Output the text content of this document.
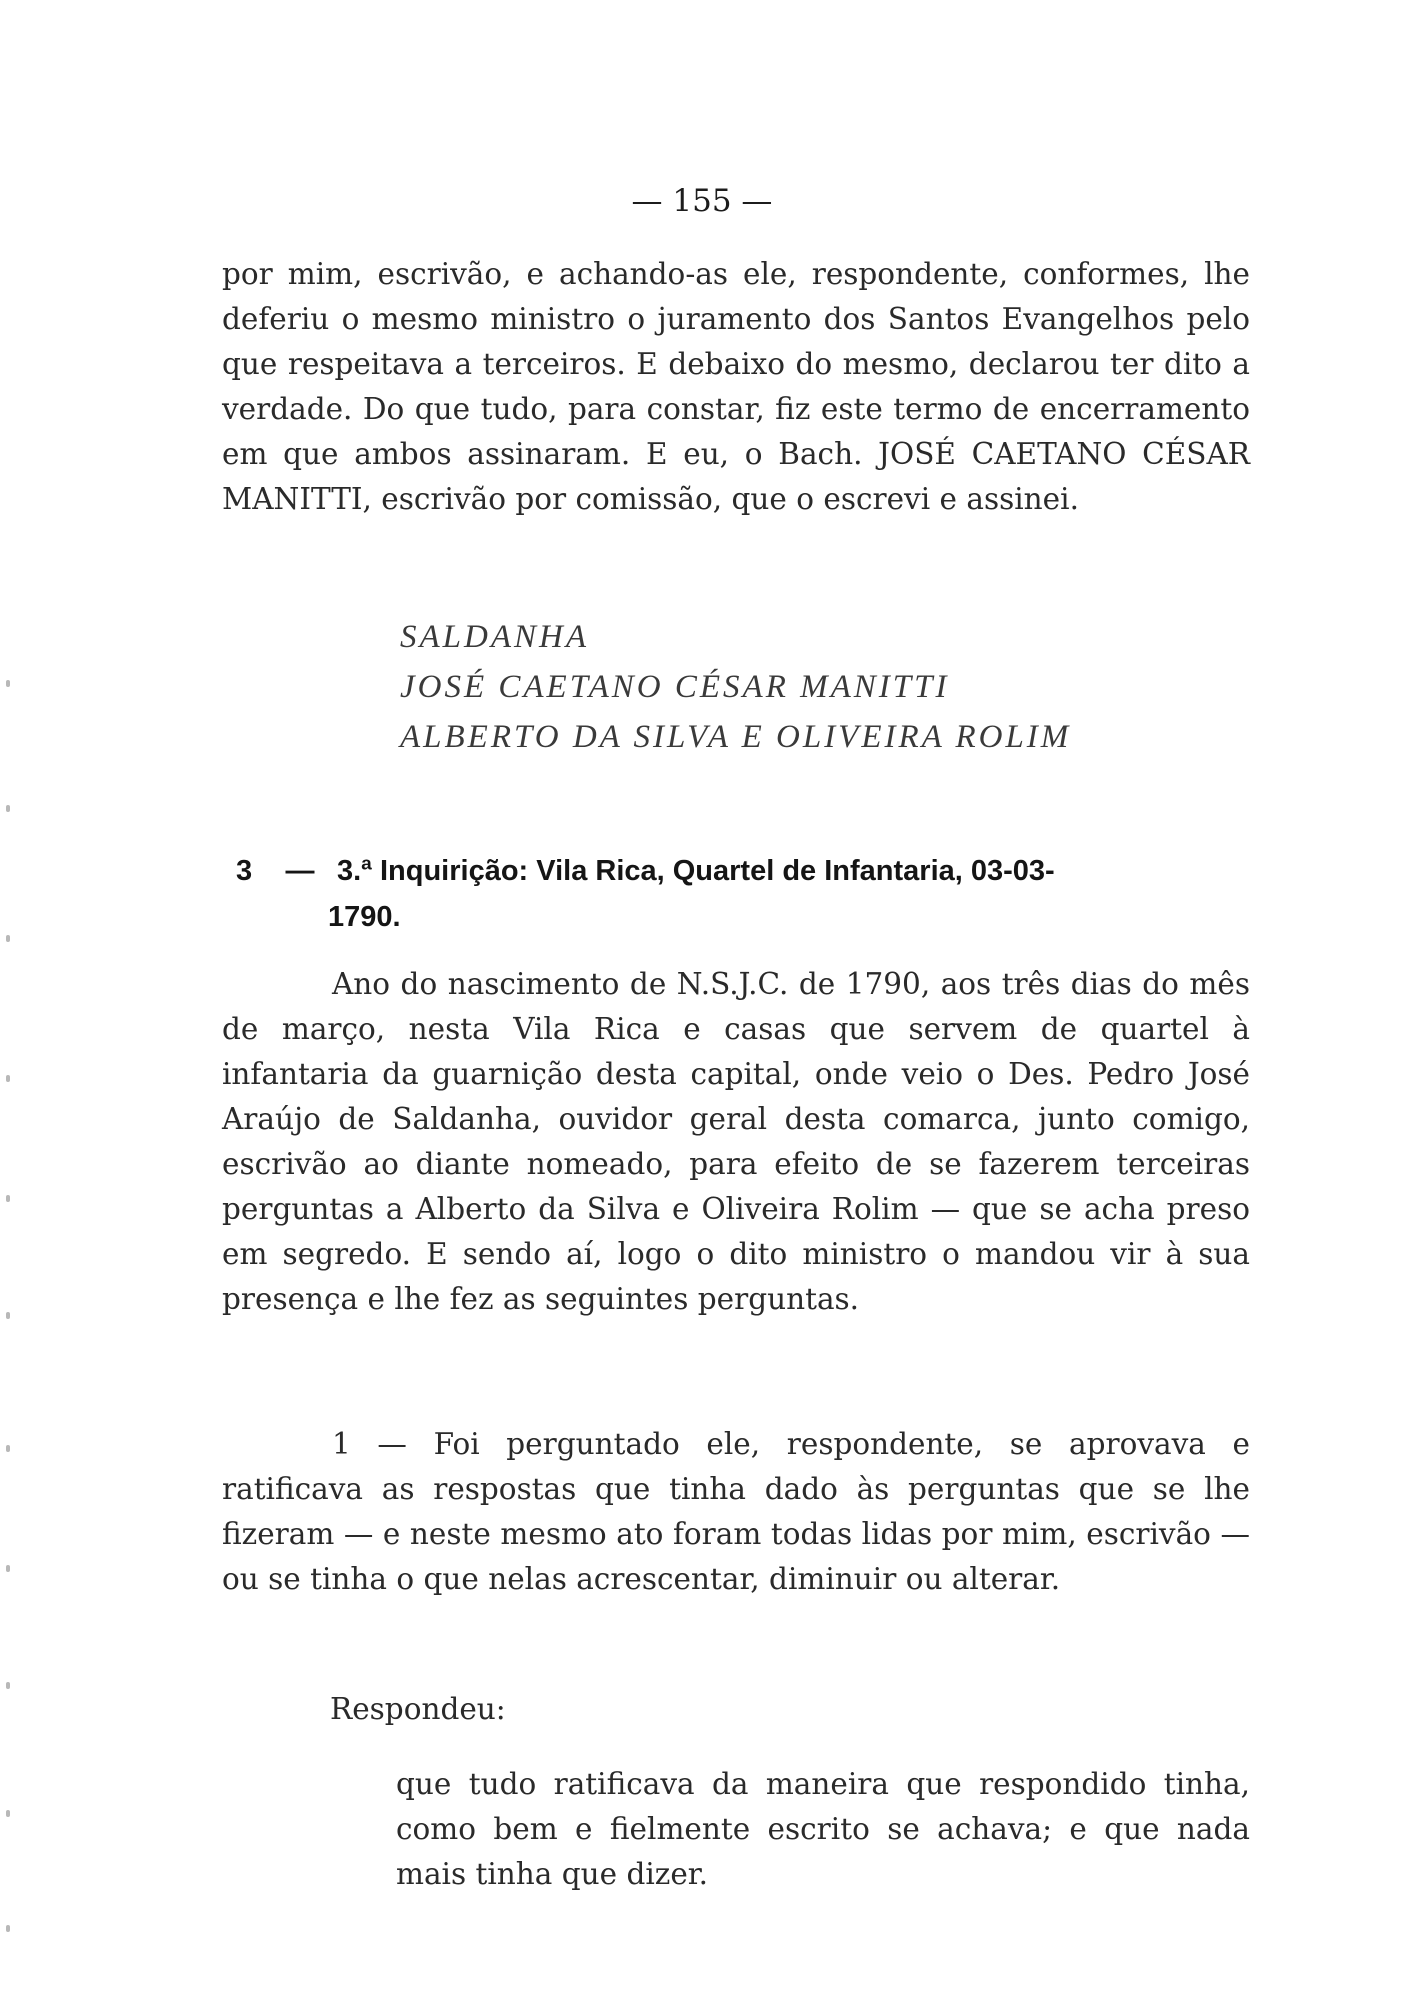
— 155 —

por mim, escrivão, e achando-as ele, respondente, conformes, lhe deferiu o mesmo ministro o juramento dos Santos Evangelhos pelo que respeitava a terceiros. E debaixo do mesmo, declarou ter dito a verdade. Do que tudo, para constar, fiz este termo de encerramento em que ambos assinaram. E eu, o Bach. JOSÉ CAETANO CÉSAR MANITTI, escrivão por comissão, que o escrevi e assinei.

SALDANHA
JOSÉ CAETANO CÉSAR MANITTI
ALBERTO DA SILVA E OLIVEIRA ROLIM
3 — 3.ª Inquirição: Vila Rica, Quartel de Infantaria, 03-03-
1790.

Ano do nascimento de N.S.J.C. de 1790, aos três dias do mês de março, nesta Vila Rica e casas que servem de quartel à infantaria da guarnição desta capital, onde veio o Des. Pedro José Araújo de Saldanha, ouvidor geral desta comarca, junto comigo, escrivão ao diante nomeado, para efeito de se fazerem terceiras perguntas a Alberto da Silva e Oliveira Rolim — que se acha preso em segredo. E sendo aí, logo o dito ministro o mandou vir à sua presença e lhe fez as seguintes perguntas.

1 — Foi perguntado ele, respondente, se aprovava e ratificava as respostas que tinha dado às perguntas que se lhe fizeram — e neste mesmo ato foram todas lidas por mim, escrivão — ou se tinha o que nelas acrescentar, diminuir ou alterar.

Respondeu:

que tudo ratificava da maneira que respondido tinha, como bem e fielmente escrito se achava; e que nada mais tinha que dizer.
